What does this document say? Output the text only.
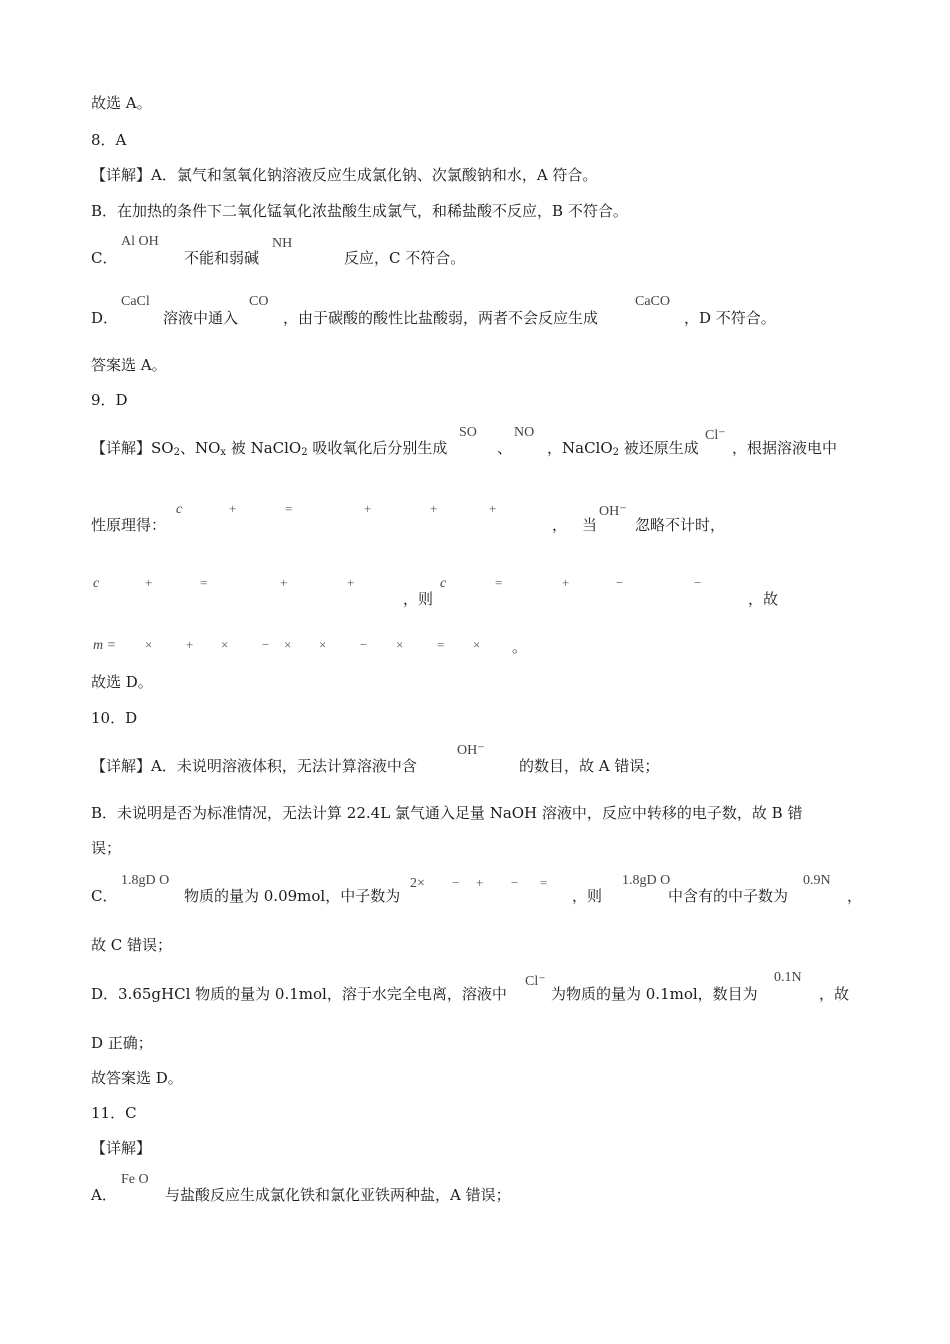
故选 A。
8．A
【详解】A．氯气和氢氧化钠溶液反应生成氯化钠、次氯酸钠和水，A 符合。
B．在加热的条件下二氧化锰氧化浓盐酸生成氯气，和稀盐酸不反应，B 不符合。
C．
Al OH
不能和弱碱
NH
反应，C 不符合。
D．
CaCl
溶液中通入
CO
，由于碳酸的酸性比盐酸弱，两者不会反应生成
CaCO
，D 不符合。
答案选 A。
9．D
【详解】$SO_2$、$NO_x$ 被 NaClO$_2$ 吸收氧化后分别生成
SO
、
NO
，NaClO$_2$ 被还原生成
Cl⁻
，根据溶液电中
性原理得：
c	+	=	+	+	+
， 当
OH⁻
忽略不计时，
c	+	=	+	+
，则
c	=	+	−	−
，故
m = ×	+ ×	− × ×	− ×	= × 。
故选 D。
10．D
【详解】A．未说明溶液体积，无法计算溶液中含
OH⁻
的数目，故 A 错误；
B．未说明是否为标准情况，无法计算 22.4L 氯气通入足量 NaOH 溶液中，反应中转移的电子数，故 B 错
误；
C．
1.8gD O
物质的量为 0.09mol，中子数为
2× − + − =
，则
1.8gD O
中含有的中子数为
0.9N
，
故 C 错误；
D．3.65gHCl 物质的量为 0.1mol，溶于水完全电离，溶液中
Cl⁻
为物质的量为 0.1mol，数目为
0.1N
，故
D 正确；
故答案选 D。
11．C
【详解】
A．
Fe O
与盐酸反应生成氯化铁和氯化亚铁两种盐，A 错误；
